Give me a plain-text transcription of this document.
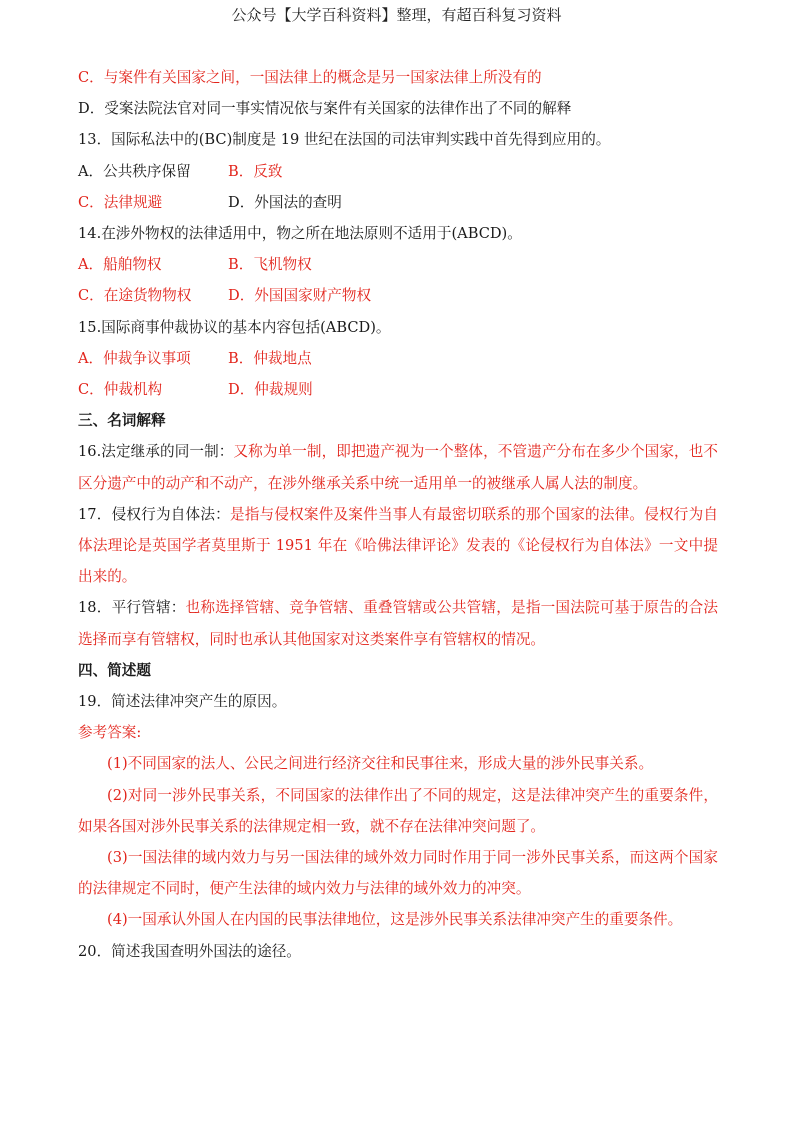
公众号【大学百科资料】整理，有超百科复习资料

C．与案件有关国家之间，一国法律上的概念是另一国家法律上所没有的

D．受案法院法官对同一事实情况依与案件有关国家的法律作出了不同的解释

13．国际私法中的(BC)制度是 19 世纪在法国的司法审判实践中首先得到应用的。

A．公共秩序保留	B．反致

C．法律规避	D．外国法的查明

14.在涉外物权的法律适用中，物之所在地法原则不适用于(ABCD)。

A．船舶物权	B．飞机物权

C．在途货物物权	D．外国国家财产物权

15.国际商事仲裁协议的基本内容包括(ABCD)。

A．仲裁争议事项	B．仲裁地点

C．仲裁机构	D．仲裁规则

三、名词解释

16.法定继承的同一制：又称为单一制，即把遗产视为一个整体，不管遗产分布在多少个国家，也不区分遗产中的动产和不动产，在涉外继承关系中统一适用单一的被继承人属人法的制度。

17．侵权行为自体法：是指与侵权案件及案件当事人有最密切联系的那个国家的法律。侵权行为自体法理论是英国学者莫里斯于 1951 年在《哈佛法律评论》发表的《论侵权行为自体法》一文中提出来的。

18．平行管辖：也称选择管辖、竞争管辖、重叠管辖或公共管辖，是指一国法院可基于原告的合法选择而享有管辖权，同时也承认其他国家对这类案件享有管辖权的情况。

四、简述题

19．简述法律冲突产生的原因。

参考答案:

(1)不同国家的法人、公民之间进行经济交往和民事往来，形成大量的涉外民事关系。

(2)对同一涉外民事关系，不同国家的法律作出了不同的规定，这是法律冲突产生的重要条件，如果各国对涉外民事关系的法律规定相一致，就不存在法律冲突问题了。

(3)一国法律的域内效力与另一国法律的域外效力同时作用于同一涉外民事关系，而这两个国家的法律规定不同时，便产生法律的域内效力与法律的域外效力的冲突。

(4)一国承认外国人在内国的民事法律地位，这是涉外民事关系法律冲突产生的重要条件。

20．简述我国查明外国法的途径。
